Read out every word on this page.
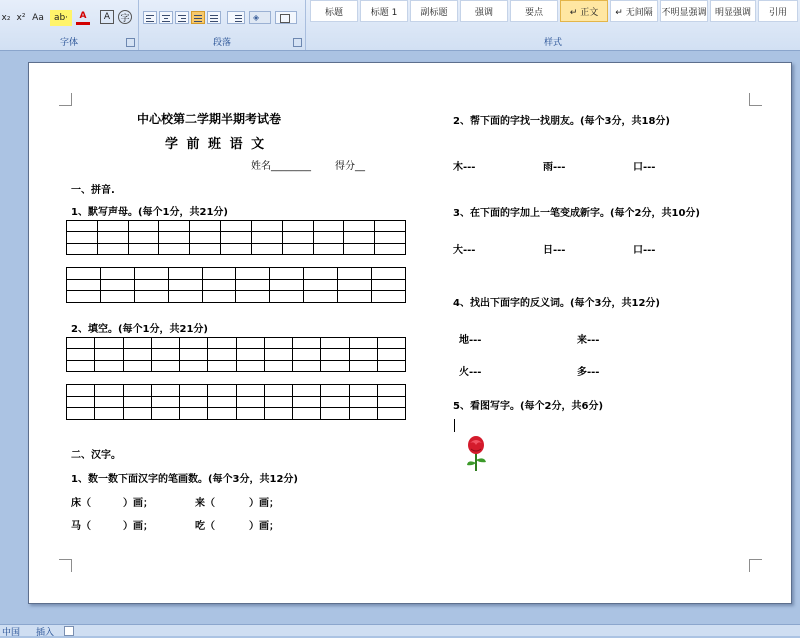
x₂ x² Aa	ab·	A	A	字
字体
◈
段落
标题	标题 1	副标题	强调	要点	↵ 正文	↵ 无间隔 不明显强调 明显强调	引用
样式
中心校第二学期半期考试卷
学 前 班 语 文
姓名________ 得分__
一、拼音.
1、默写声母。(每个1分，共21分)

2、填空。(每个1分，共21分)

二、汉字。
1、数一数下面汉字的笔画数。(每个3分，共12分)
床（	）画；	来（	）画；
马（	）画；	吃（	）画；
2、帮下面的字找一找朋友。(每个3分，共18分)
木---	雨---	口---
3、在下面的字加上一笔变成新字。(每个2分，共10分)
大---	日---	口---
4、找出下面字的反义词。(每个3分，共12分)
地---	来---
火---	多---
5、看图写字。(每个2分，共6分)
中国 插入
